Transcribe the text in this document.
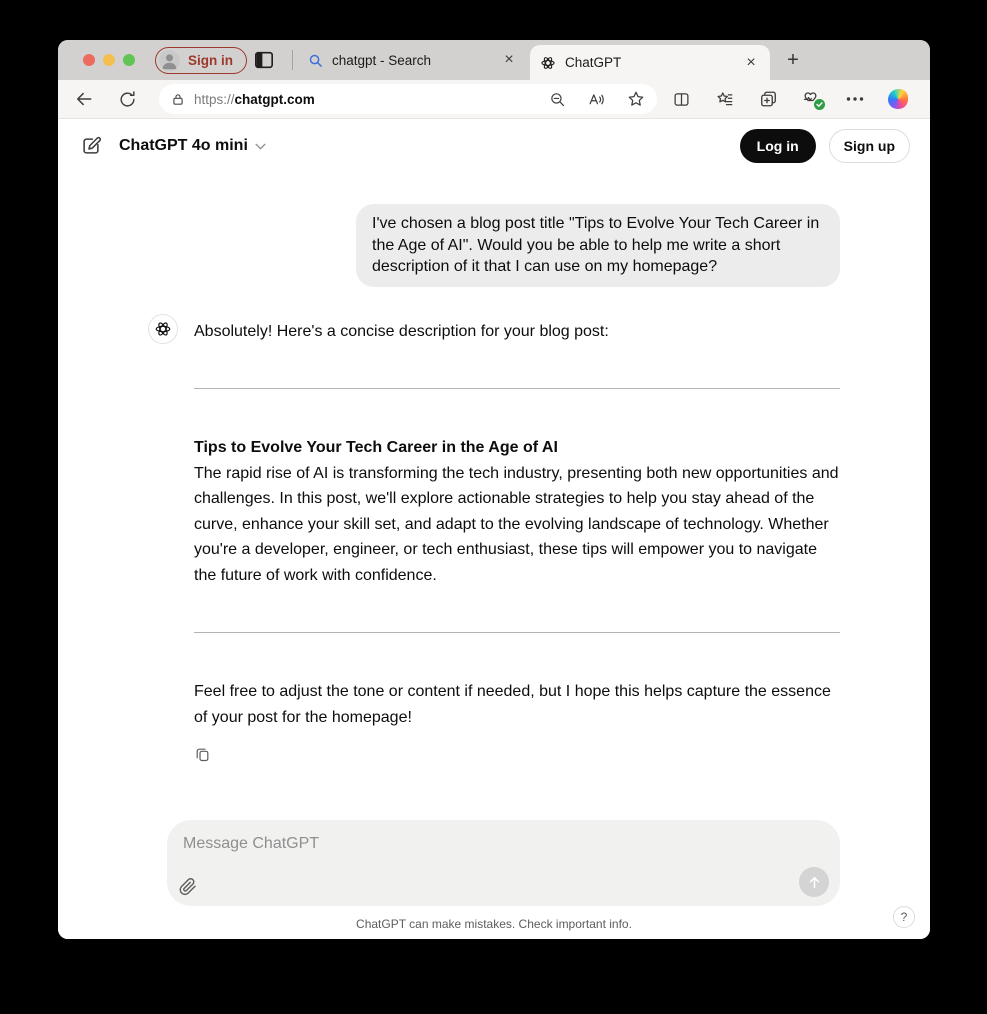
Sign in	chatgpt - Search	×	ChatGPT	×	+
https://chatgpt.com
ChatGPT 4o mini	Log in	Sign up
I've chosen a blog post title "Tips to Evolve Your Tech Career in the Age of AI". Would you be able to help me write a short description of it that I can use on my homepage?

Absolutely! Here's a concise description for your blog post:

Tips to Evolve Your Tech Career in the Age of AI

The rapid rise of AI is transforming the tech industry, presenting both new opportunities and challenges. In this post, we'll explore actionable strategies to help you stay ahead of the curve, enhance your skill set, and adapt to the evolving landscape of technology. Whether you're a developer, engineer, or tech enthusiast, these tips will empower you to navigate the future of work with confidence.

Feel free to adjust the tone or content if needed, but I hope this helps capture the essence of your post for the homepage!

Message ChatGPT
ChatGPT can make mistakes. Check important info.	?
